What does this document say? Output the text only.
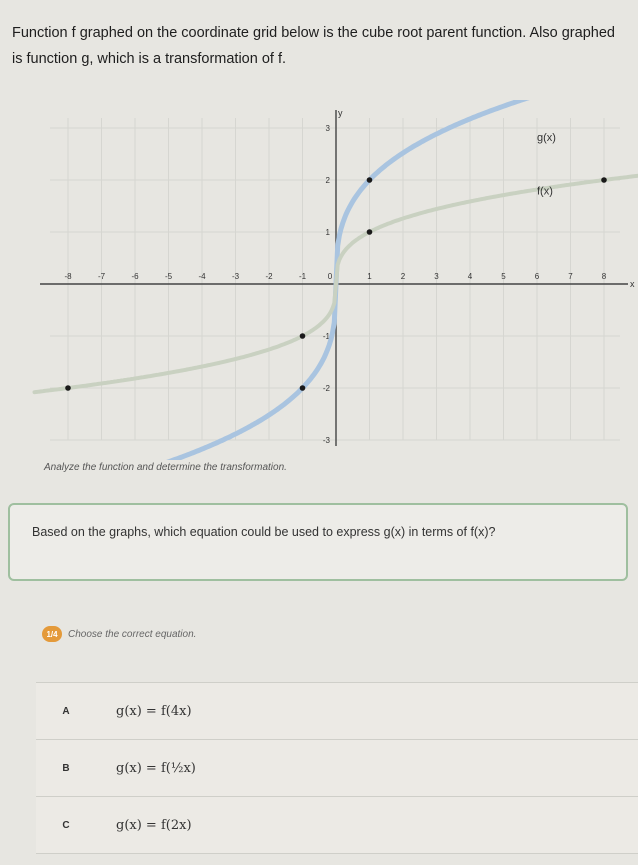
Function f graphed on the coordinate grid below is the cube root parent function. Also graphed is function g, which is a transformation of f.
-8	-7	-6	-5	-4	-3	-2	-1	0	1	2	3	4	5	6	7	8
3
2
1
-1
-2
-3
x
y
g(x)
f(x)
Analyze the function and determine the transformation.
Based on the graphs, which equation could be used to express g(x) in terms of f(x)?
1/4	Choose the correct equation.
A	g(x) = f(4x)
B	g(x) = f(½x)
C	g(x) = f(2x)
